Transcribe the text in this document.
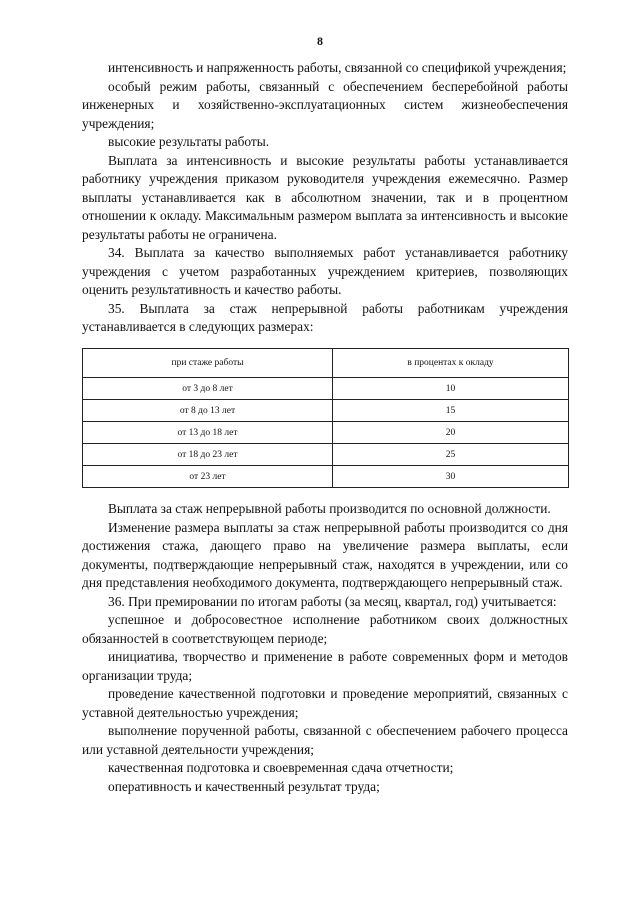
8

интенсивность и напряженность работы, связанной со спецификой учреждения;

особый режим работы, связанный с обеспечением бесперебойной работы инженерных и хозяйственно-эксплуатационных систем жизнеобеспечения учреждения;

высокие результаты работы.

Выплата за интенсивность и высокие результаты работы устанавливается работнику учреждения приказом руководителя учреждения ежемесячно. Размер выплаты устанавливается как в абсолютном значении, так и в процентном отношении к окладу. Максимальным размером выплата за интенсивность и высокие результаты работы не ограничена.

34. Выплата за качество выполняемых работ устанавливается работнику учреждения с учетом разработанных учреждением критериев, позволяющих оценить результативность и качество работы.

35. Выплата за стаж непрерывной работы работникам учреждения устанавливается в следующих размерах:

при стаже работы	в процентах к окладу
от 3 до 8 лет	10
от 8 до 13 лет	15
от 13 до 18 лет	20
от 18 до 23 лет	25
от 23 лет	30

Выплата за стаж непрерывной работы производится по основной должности.

Изменение размера выплаты за стаж непрерывной работы производится со дня достижения стажа, дающего право на увеличение размера выплаты, если документы, подтверждающие непрерывный стаж, находятся в учреждении, или со дня представления необходимого документа, подтверждающего непрерывный стаж.

36. При премировании по итогам работы (за месяц, квартал, год) учитывается:

успешное и добросовестное исполнение работником своих должностных обязанностей в соответствующем периоде;

инициатива, творчество и применение в работе современных форм и методов организации труда;

проведение качественной подготовки и проведение мероприятий, связанных с уставной деятельностью учреждения;

выполнение порученной работы, связанной с обеспечением рабочего процесса или уставной деятельности учреждения;

качественная подготовка и своевременная сдача отчетности;

оперативность и качественный результат труда;
